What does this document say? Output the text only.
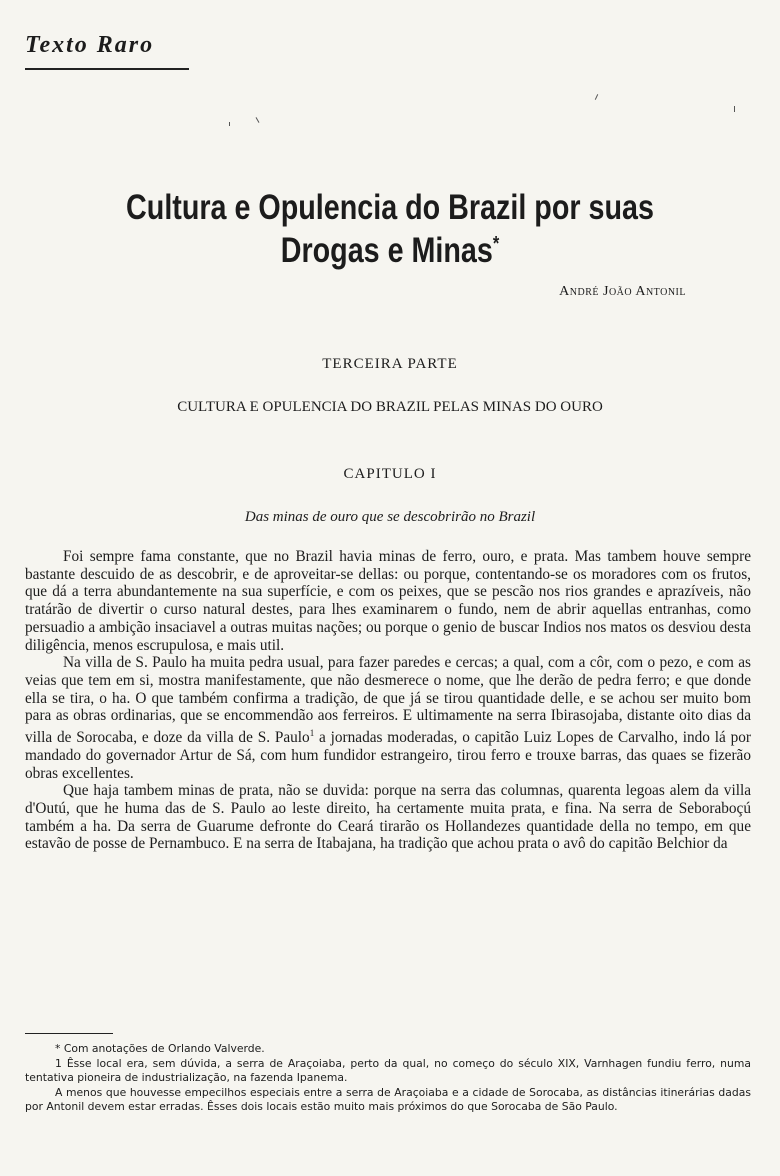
Texto Raro
Cultura e Opulencia do Brazil por suas Drogas e Minas*

André João Antonil

TERCEIRA PARTE

CULTURA E OPULENCIA DO BRAZIL PELAS MINAS DO OURO

CAPITULO I

Das minas de ouro que se descobrirão no Brazil

Foi sempre fama constante, que no Brazil havia minas de ferro, ouro, e prata. Mas tambem houve sempre bastante descuido de as descobrir, e de aproveitar-se dellas: ou porque, contentando-se os moradores com os frutos, que dá a terra abundantemente na sua superfície, e com os peixes, que se pescão nos rios grandes e aprazíveis, não tratárão de divertir o curso natural destes, para lhes examinarem o fundo, nem de abrir aquellas entranhas, como persuadio a ambição insaciavel a outras muitas nações; ou porque o genio de buscar Indios nos matos os desviou desta diligência, menos escrupulosa, e mais util.

Na villa de S. Paulo ha muita pedra usual, para fazer paredes e cercas; a qual, com a côr, com o pezo, e com as veias que tem em si, mostra manifestamente, que não desmerece o nome, que lhe derão de pedra ferro; e que donde ella se tira, o ha. O que também confirma a tradição, de que já se tirou quantidade delle, e se achou ser muito bom para as obras ordinarias, que se encommendão aos ferreiros. E ultimamente na serra Ibirasojaba, distante oito dias da villa de Sorocaba, e doze da villa de S. Paulo$^1$ a jornadas moderadas, o capitão Luiz Lopes de Carvalho, indo lá por mandado do governador Artur de Sá, com hum fundidor estrangeiro, tirou ferro e trouxe barras, das quaes se fizerão obras excellentes.

Que haja tambem minas de prata, não se duvida: porque na serra das columnas, quarenta legoas alem da villa d'Outú, que he huma das de S. Paulo ao leste direito, ha certamente muita prata, e fina. Na serra de Seboraboçú também a ha. Da serra de Guarume defronte do Ceará tirarão os Hollandezes quantidade della no tempo, em que estavão de posse de Pernambuco. E na serra de Itabajana, ha tradição que achou prata o avô do capitão Belchior da

* Com anotações de Orlando Valverde.

1 Êsse local era, sem dúvida, a serra de Araçoiaba, perto da qual, no começo do século XIX, Varnhagen fundiu ferro, numa tentativa pioneira de industrialização, na fazenda Ipanema.

A menos que houvesse empecilhos especiais entre a serra de Araçoiaba e a cidade de Sorocaba, as distâncias itinerárias dadas por Antonil devem estar erradas. Êsses dois locais estão muito mais próximos do que Sorocaba de São Paulo.
